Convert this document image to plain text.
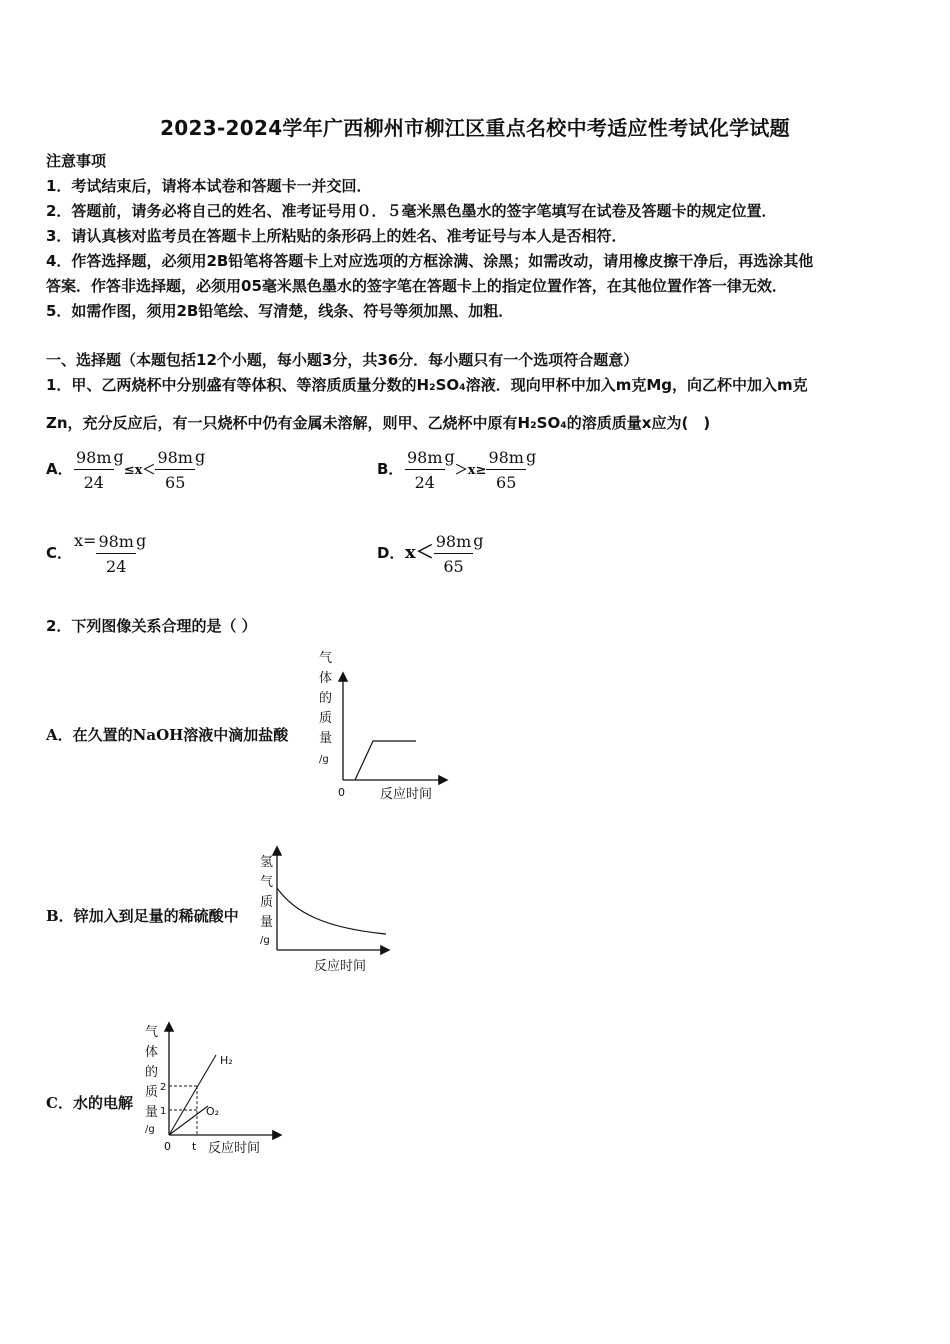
2023-2024学年广西柳州市柳江区重点名校中考适应性考试化学试题
注意事项
1．考试结束后，请将本试卷和答题卡一并交回．
2．答题前，请务必将自己的姓名、准考证号用０．５毫米黑色墨水的签字笔填写在试卷及答题卡的规定位置．
3．请认真核对监考员在答题卡上所粘贴的条形码上的姓名、准考证号与本人是否相符．
4．作答选择题，必须用2B铅笔将答题卡上对应选项的方框涂满、涂黑；如需改动，请用橡皮擦干净后，再选涂其他
答案．作答非选择题，必须用05毫米黑色墨水的签字笔在答题卡上的指定位置作答，在其他位置作答一律无效．
5．如需作图，须用2B铅笔绘、写清楚，线条、符号等须加黑、加粗．
一、选择题（本题包括12个小题，每小题3分，共36分．每小题只有一个选项符合题意）
1．甲、乙两烧杯中分别盛有等体积、等溶质质量分数的H₂SO₄溶液．现向甲杯中加入m克Mg，向乙杯中加入m克
Zn，充分反应后，有一只烧杯中仍有金属未溶解，则甲、乙烧杯中原有H₂SO₄的溶质质量x应为(　)
A． $\frac{98m}{24} g\le x< \frac{98m}{65}$ g
B． $\frac{98m}{24} g>x\ge \frac{98m}{65}$ g
C．$x= \frac{98m}{24}$ g
D．$x< \frac{98m}{65}$ g
2．下列图像关系合理的是（ ）
A．在久置的NaOH溶液中滴加盐酸
气
体
的
质
量
/g
0	反应时间
B．锌加入到足量的稀硫酸中
氢
气
质
量
/g
反应时间
C．水的电解
气
体
的
质
量
/g
2
1
0 t
H₂
O₂
反应时间
